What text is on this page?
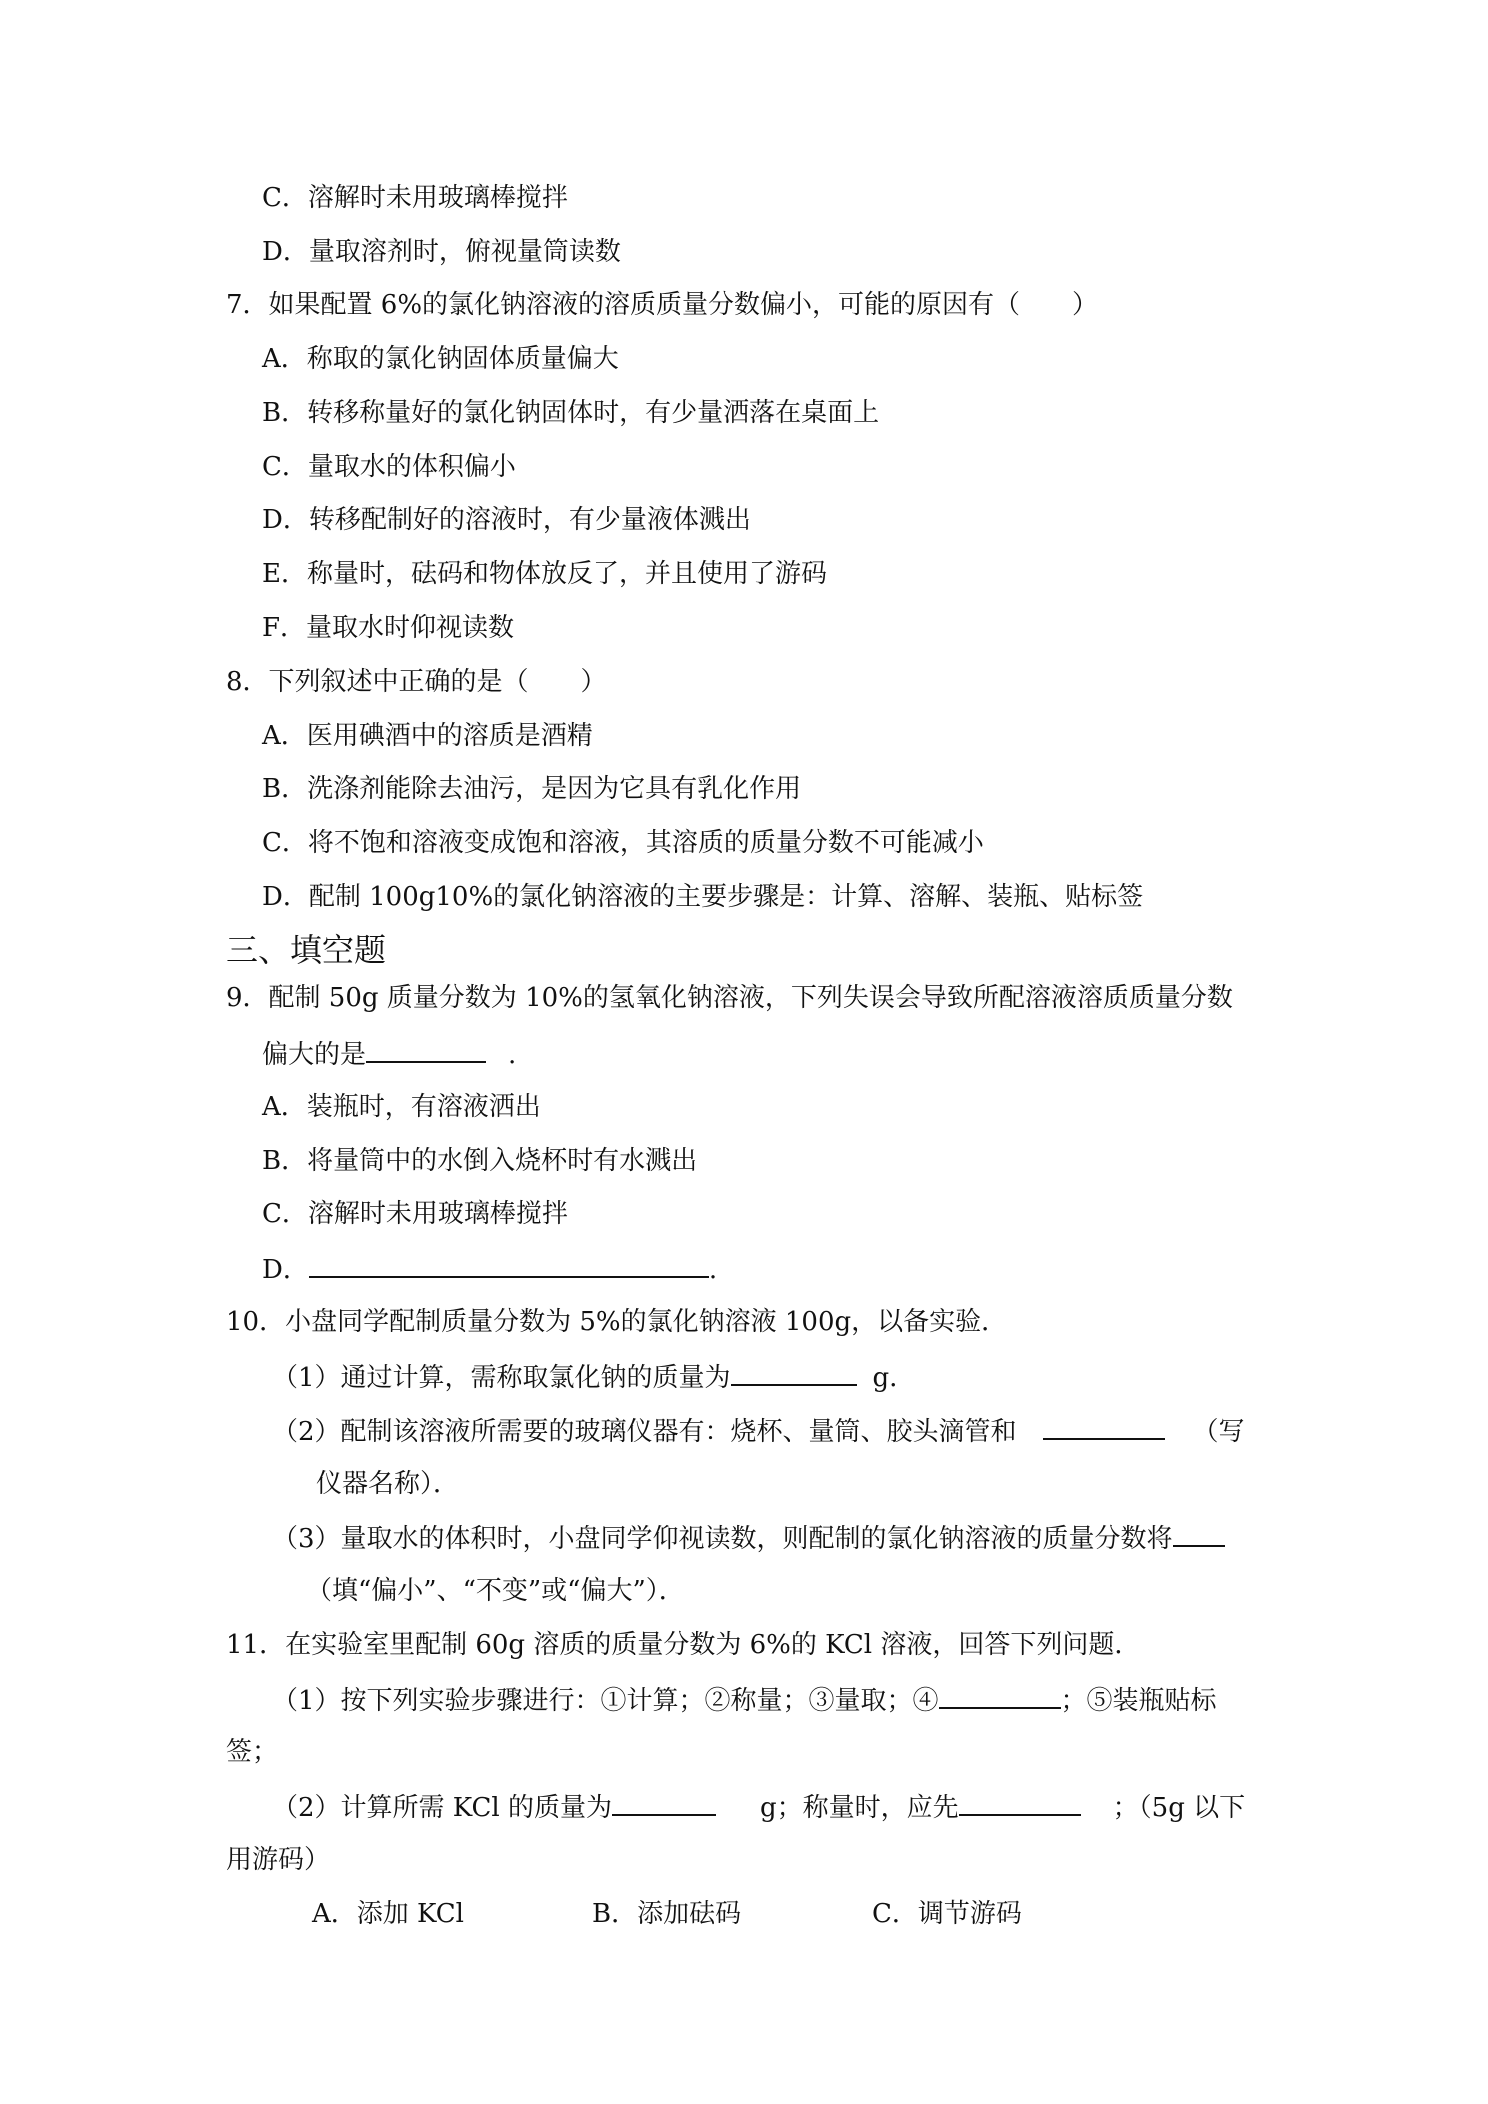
C．溶解时未用玻璃棒搅拌
D．量取溶剂时，俯视量筒读数
7．如果配置 6%的氯化钠溶液的溶质质量分数偏小，可能的原因有（　　）
A．称取的氯化钠固体质量偏大
B．转移称量好的氯化钠固体时，有少量洒落在桌面上
C．量取水的体积偏小
D．转移配制好的溶液时，有少量液体溅出
E．称量时，砝码和物体放反了，并且使用了游码
F．量取水时仰视读数
8．下列叙述中正确的是（　　）
A．医用碘酒中的溶质是酒精
B．洗涤剂能除去油污，是因为它具有乳化作用
C．将不饱和溶液变成饱和溶液，其溶质的质量分数不可能减小
D．配制 100g10%的氯化钠溶液的主要步骤是：计算、溶解、装瓶、贴标签
三、填空题
9．配制 50g 质量分数为 10%的氢氧化钠溶液，下列失误会导致所配溶液溶质质量分数
偏大的是	.
A．装瓶时，有溶液洒出
B．将量筒中的水倒入烧杯时有水溅出
C．溶解时未用玻璃棒搅拌
D．	.
10．小盘同学配制质量分数为 5%的氯化钠溶液 100g，以备实验．
（1）通过计算，需称取氯化钠的质量为	g．
（2）配制该溶液所需要的玻璃仪器有：烧杯、量筒、胶头滴管和	（写
仪器名称）．
（3）量取水的体积时，小盘同学仰视读数，则配制的氯化钠溶液的质量分数将
（填“偏小”、“不变”或“偏大”）．
11．在实验室里配制 60g 溶质的质量分数为 6%的 KCl 溶液，回答下列问题．
（1）按下列实验步骤进行：①计算；②称量；③量取；④	；⑤装瓶贴标
签；
（2）计算所需 KCl 的质量为	g；称量时，应先	；（5g 以下
用游码）
A．添加 KCl	B．添加砝码	C．调节游码
